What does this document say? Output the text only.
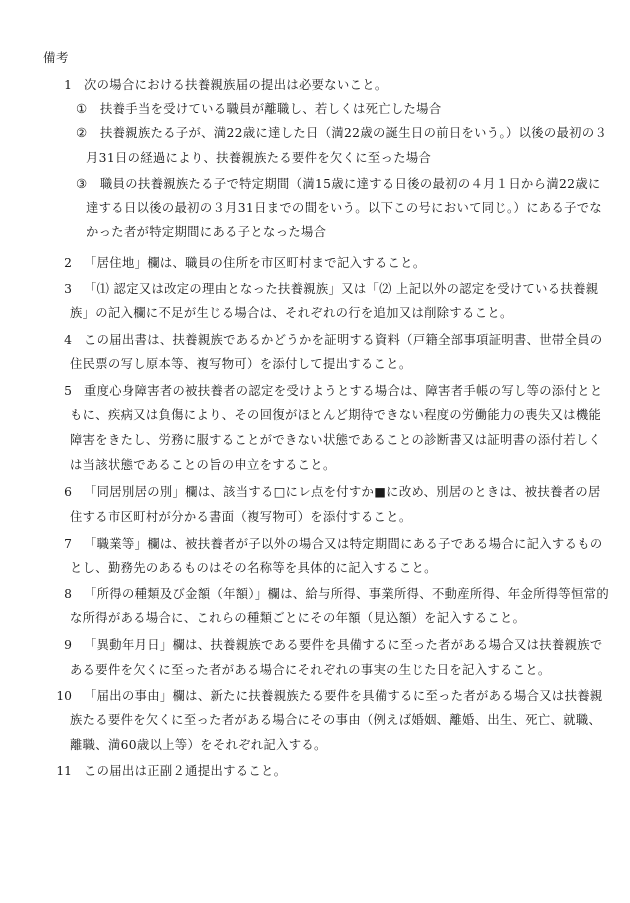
備考
1 次の場合における扶養親族届の提出は必要ないこと。
① 扶養手当を受けている職員が離職し、若しくは死亡した場合
② 扶養親族たる子が、満22歳に達した日（満22歳の誕生日の前日をいう。）以後の最初の３
月31日の経過により、扶養親族たる要件を欠くに至った場合
③ 職員の扶養親族たる子で特定期間（満15歳に達する日後の最初の４月１日から満22歳に
達する日以後の最初の３月31日までの間をいう。以下この号において同じ。）にある子でな
かった者が特定期間にある子となった場合
2 「居住地」欄は、職員の住所を市区町村まで記入すること。
3 「⑴ 認定又は改定の理由となった扶養親族」又は「⑵ 上記以外の認定を受けている扶養親
族」の記入欄に不足が生じる場合は、それぞれの行を追加又は削除すること。
4 この届出書は、扶養親族であるかどうかを証明する資料（戸籍全部事項証明書、世帯全員の
住民票の写し原本等、複写物可）を添付して提出すること。
5 重度心身障害者の被扶養者の認定を受けようとする場合は、障害者手帳の写し等の添付とと
もに、疾病又は負傷により、その回復がほとんど期待できない程度の労働能力の喪失又は機能
障害をきたし、労務に服することができない状態であることの診断書又は証明書の添付若しく
は当該状態であることの旨の申立をすること。
6 「同居別居の別」欄は、該当する□にレ点を付すか■に改め、別居のときは、被扶養者の居
住する市区町村が分かる書面（複写物可）を添付すること。
7 「職業等」欄は、被扶養者が子以外の場合又は特定期間にある子である場合に記入するもの
とし、勤務先のあるものはその名称等を具体的に記入すること。
8 「所得の種類及び金額（年額）」欄は、給与所得、事業所得、不動産所得、年金所得等恒常的
な所得がある場合に、これらの種類ごとにその年額（見込額）を記入すること。
9 「異動年月日」欄は、扶養親族である要件を具備するに至った者がある場合又は扶養親族で
ある要件を欠くに至った者がある場合にそれぞれの事実の生じた日を記入すること。
10 「届出の事由」欄は、新たに扶養親族たる要件を具備するに至った者がある場合又は扶養親
族たる要件を欠くに至った者がある場合にその事由（例えば婚姻、離婚、出生、死亡、就職、
離職、満60歳以上等）をそれぞれ記入する。
11 この届出は正副２通提出すること。
